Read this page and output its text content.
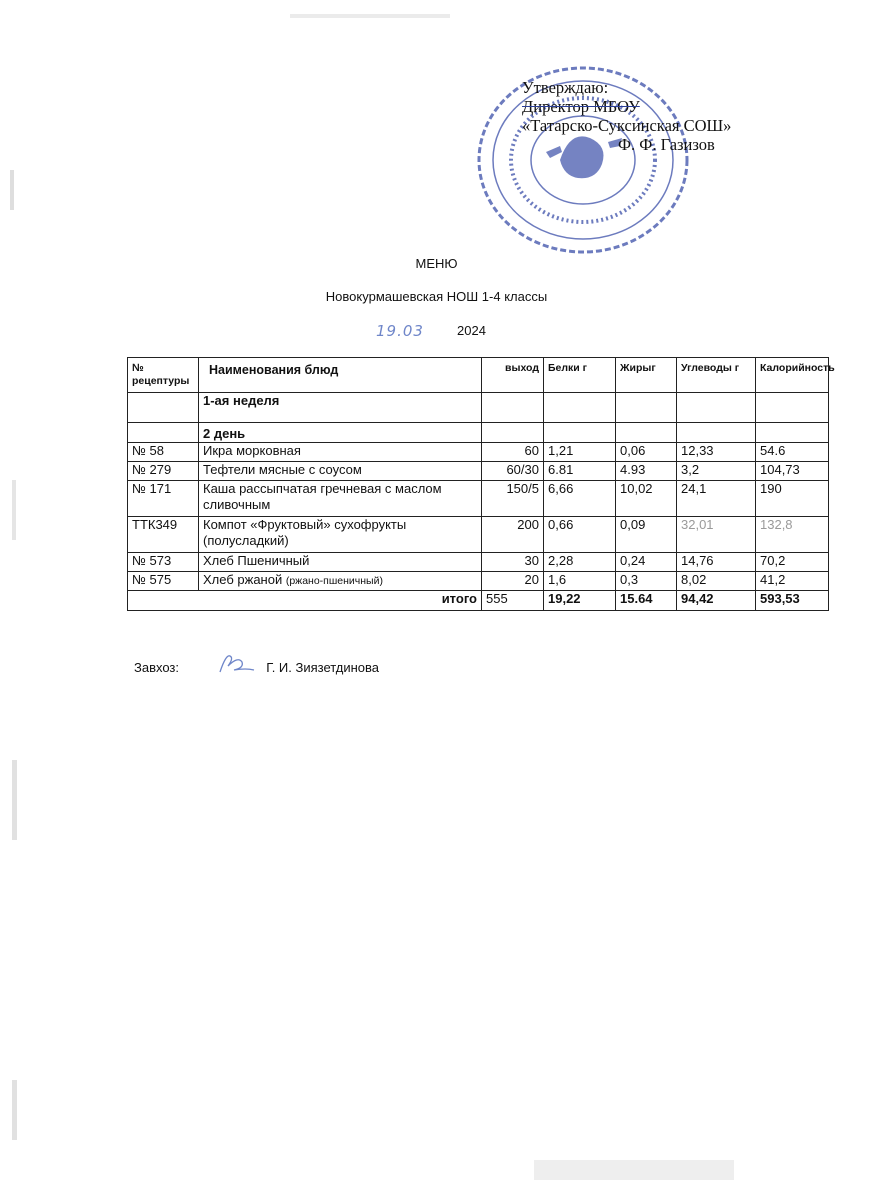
Утверждаю:
Директор МБОУ
«Татарско-Суксинская СОШ»
Ф. Ф. Газизов
МЕНЮ
Новокурмашевская НОШ 1-4 классы
19.03	2024
№ рецептуры	Наименования блюд	выход	Белки г	Жирыг	Углеводы г	Калорийность
	1-ая неделя					
	2 день					
№ 58	Икра морковная	60	1,21	0,06	12,33	54.6
№ 279	Тефтели мясные с соусом	60/30	6.81	4.93	3,2	104,73
№ 171	Каша рассыпчатая гречневая с маслом сливочным	150/5	6,66	10,02	24,1	190
ТТК349	Компот «Фруктовый» сухофрукты (полусладкий)	200	0,66	0,09	32,01	132,8
№ 573	Хлеб Пшеничный	30	2,28	0,24	14,76	70,2
№ 575	Хлеб ржаной (ржано-пшеничный)	20	1,6	0,3	8,02	41,2
итого		555	19,22	15.64	94,42	593,53
Завхоз:	Г. И. Зиязетдинова
